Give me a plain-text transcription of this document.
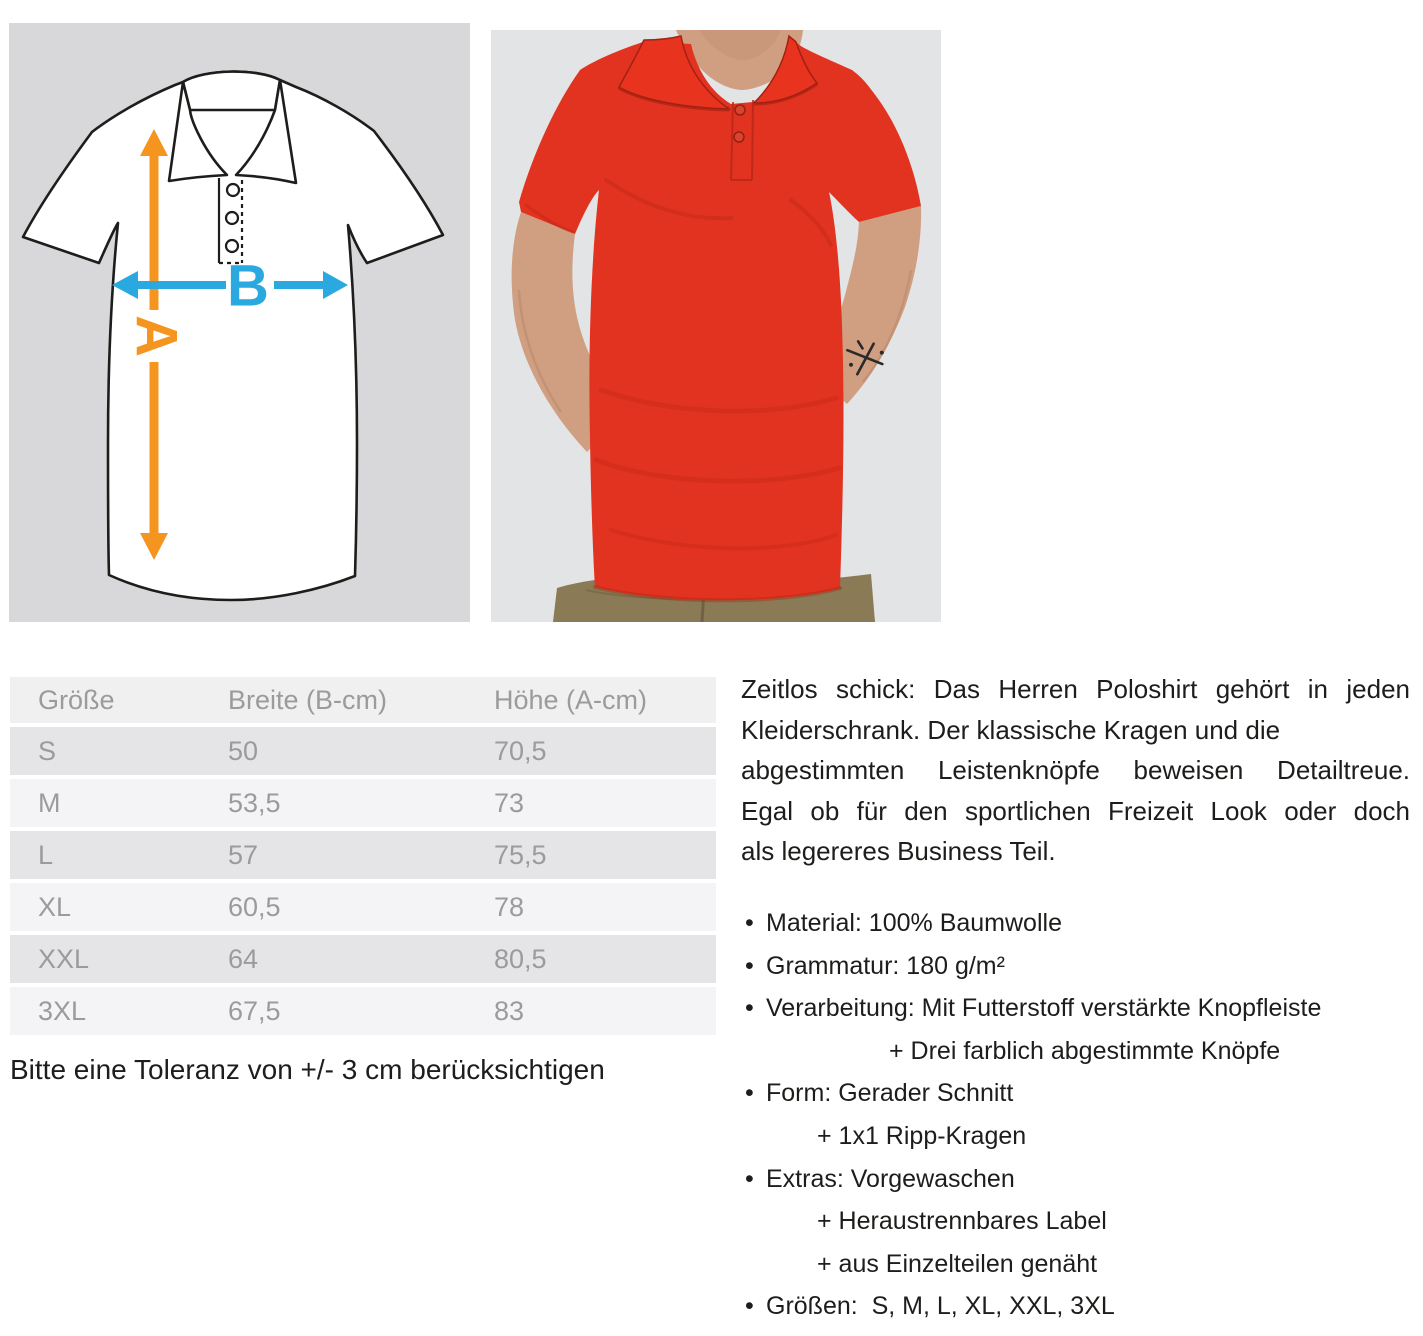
A
B
Größe	Breite (B-cm)	Höhe (A-cm)
S	50	70,5
M	53,5	73
L	57	75,5
XL	60,5	78
XXL	64	80,5
3XL	67,5	83
Bitte eine Toleranz von +/- 3 cm berücksichtigen
Zeitlos schick: Das Herren Poloshirt gehört in jeden
Kleiderschrank. Der klassische Kragen und die
abgestimmten Leistenknöpfe beweisen Detailtreue.
Egal ob für den sportlichen Freizeit Look oder doch
als legereres Business Teil.
• Material: 100% Baumwolle
• Grammatur: 180 g/m²
• Verarbeitung: Mit Futterstoff verstärkte Knopfleiste
+ Drei farblich abgestimmte Knöpfe
• Form: Gerader Schnitt
+ 1x1 Ripp-Kragen
• Extras: Vorgewaschen
+ Heraustrennbares Label
+ aus Einzelteilen genäht
• Größen:  S, M, L, XL, XXL, 3XL
